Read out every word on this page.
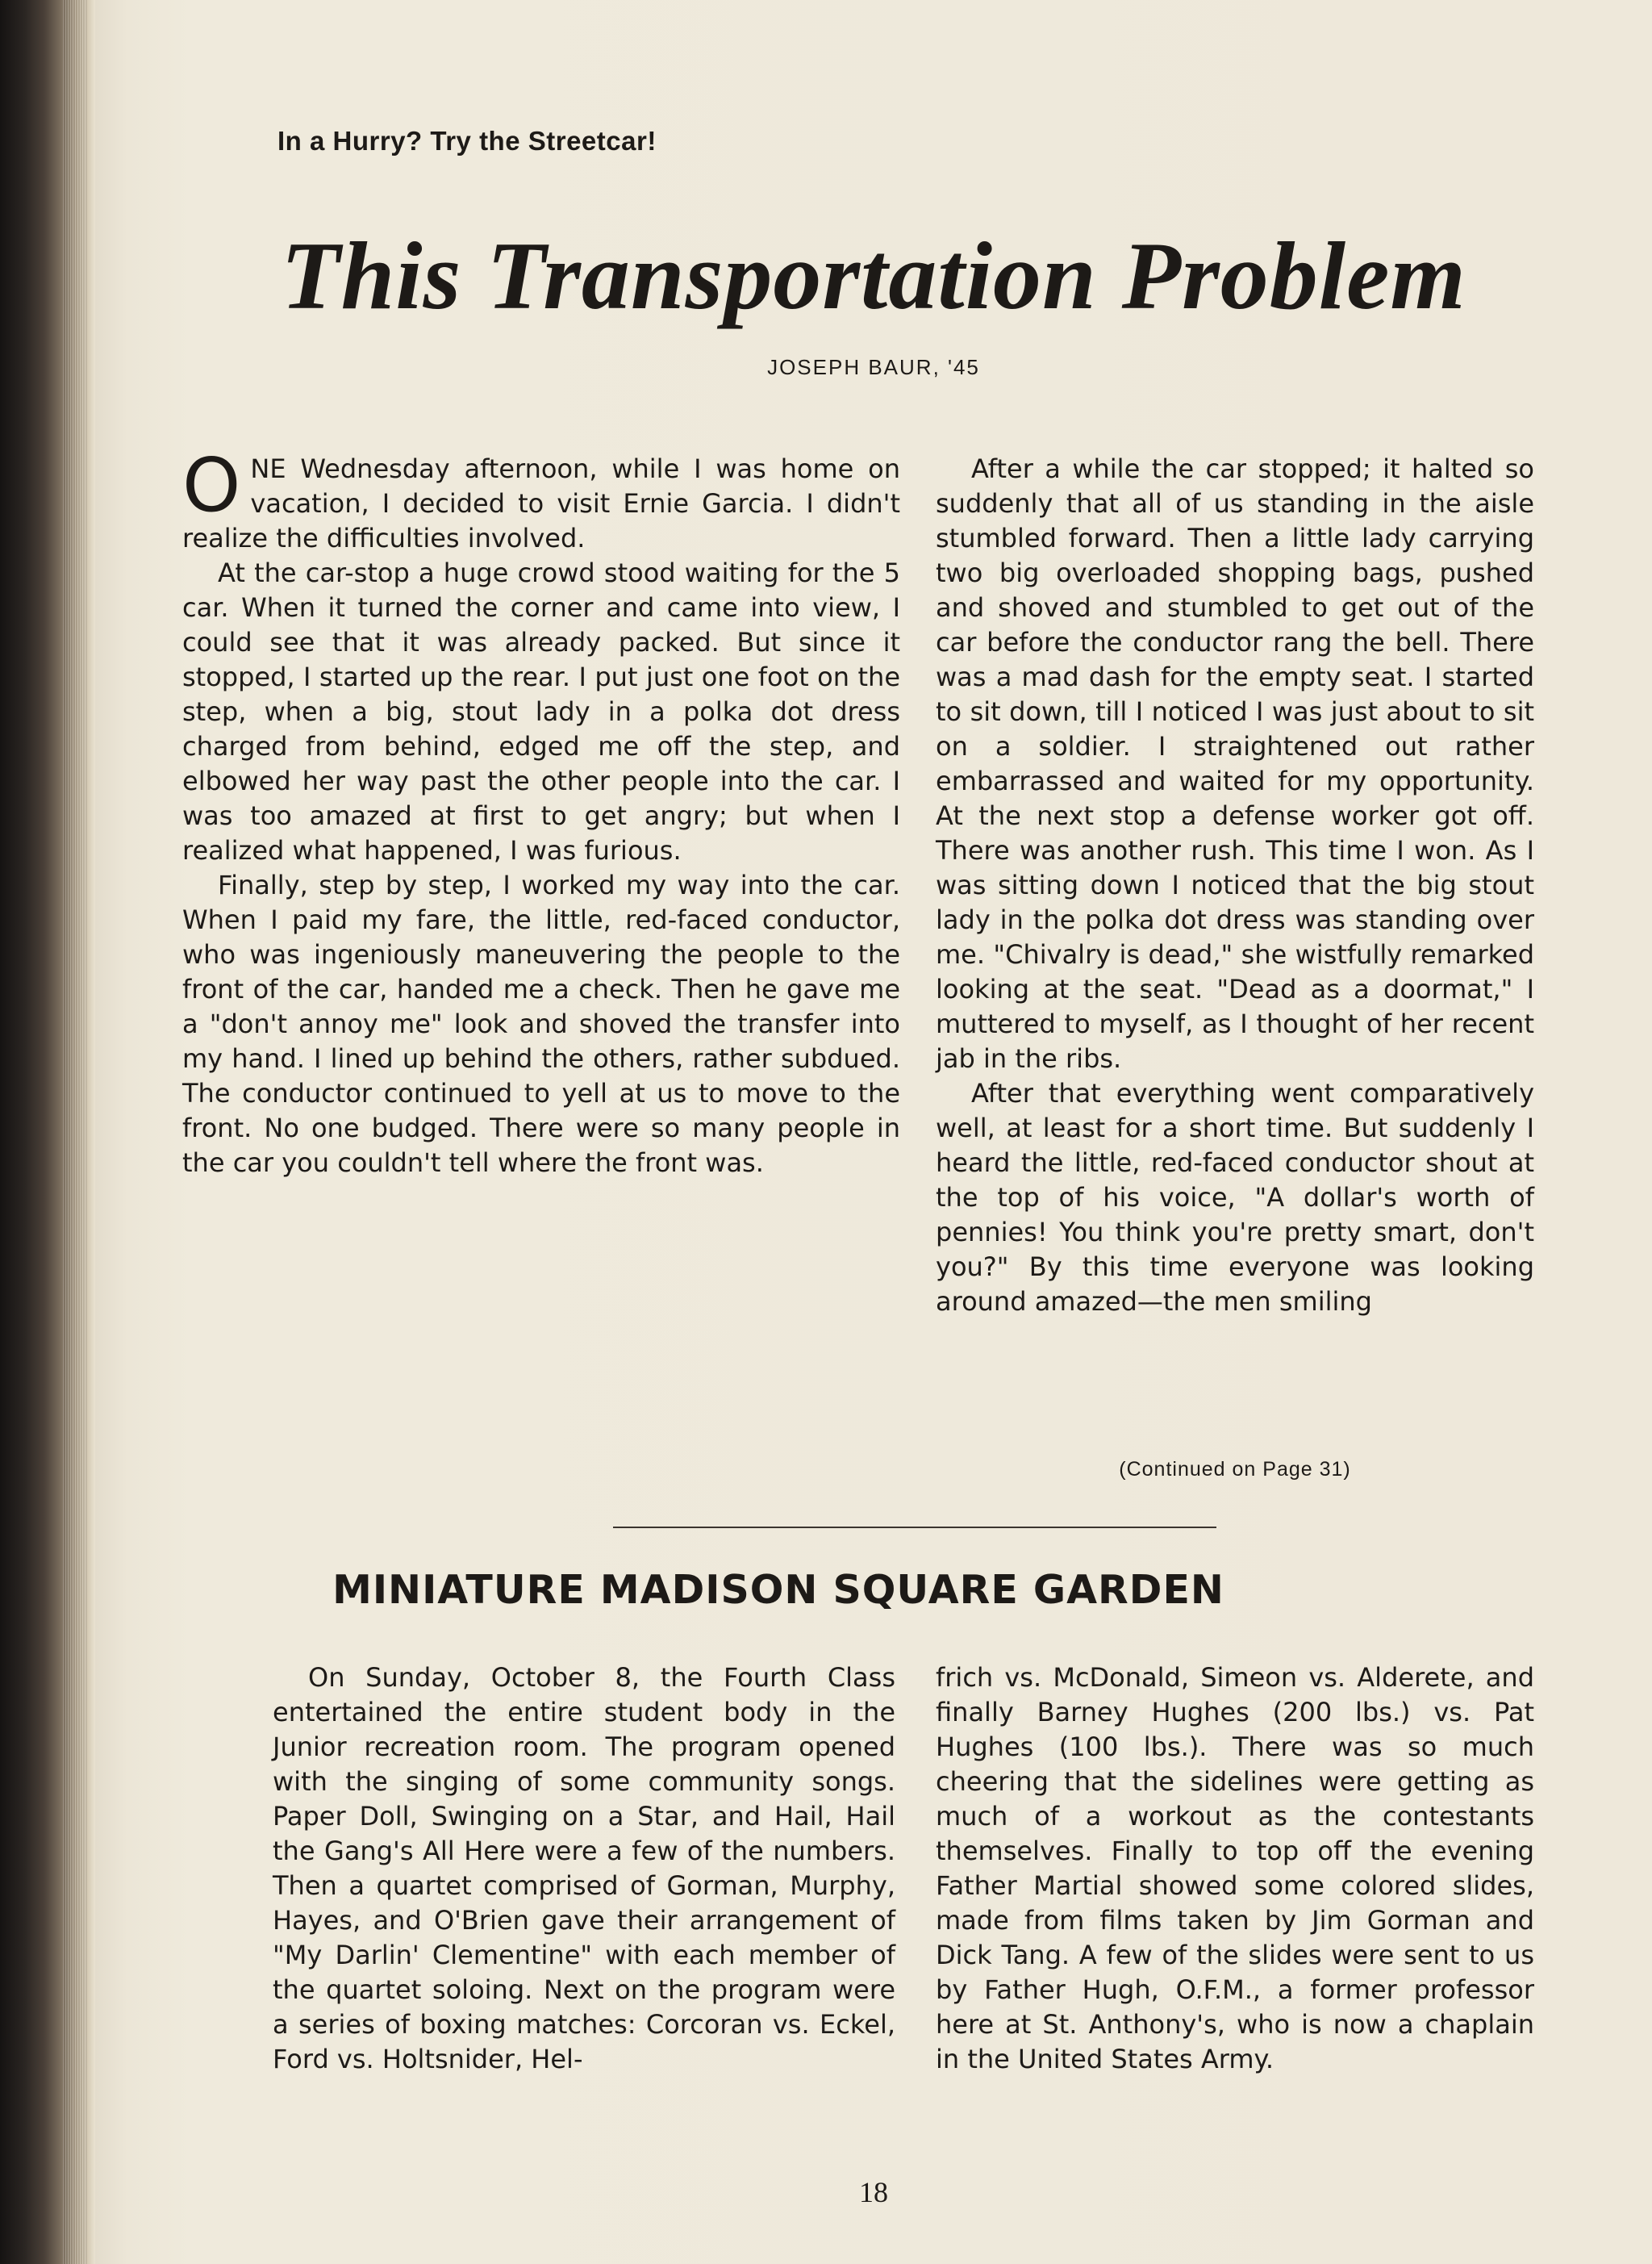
In a Hurry? Try the Streetcar!
This Transportation Problem
JOSEPH BAUR, '45

ONE Wednesday afternoon, while I was home on vacation, I decided to visit Ernie Garcia. I didn't realize the difficulties involved.

At the car-stop a huge crowd stood waiting for the 5 car. When it turned the corner and came into view, I could see that it was already packed. But since it stopped, I started up the rear. I put just one foot on the step, when a big, stout lady in a polka dot dress charged from behind, edged me off the step, and elbowed her way past the other people into the car. I was too amazed at first to get angry; but when I realized what happened, I was furious.

Finally, step by step, I worked my way into the car. When I paid my fare, the little, red-faced conductor, who was ingeniously maneuvering the people to the front of the car, handed me a check. Then he gave me a "don't annoy me" look and shoved the transfer into my hand. I lined up behind the others, rather subdued. The conductor continued to yell at us to move to the front. No one budged. There were so many people in the car you couldn't tell where the front was.

After a while the car stopped; it halted so suddenly that all of us standing in the aisle stumbled forward. Then a little lady carrying two big overloaded shopping bags, pushed and shoved and stumbled to get out of the car before the conductor rang the bell. There was a mad dash for the empty seat. I started to sit down, till I noticed I was just about to sit on a soldier. I straightened out rather embarrassed and waited for my opportunity. At the next stop a defense worker got off. There was another rush. This time I won. As I was sitting down I noticed that the big stout lady in the polka dot dress was standing over me. "Chivalry is dead," she wistfully remarked looking at the seat. "Dead as a doormat," I muttered to myself, as I thought of her recent jab in the ribs.

After that everything went comparatively well, at least for a short time. But suddenly I heard the little, red-faced conductor shout at the top of his voice, "A dollar's worth of pennies! You think you're pretty smart, don't you?" By this time everyone was looking around amazed—the men smiling

(Continued on Page 31)
MINIATURE MADISON SQUARE GARDEN

On Sunday, October 8, the Fourth Class entertained the entire student body in the Junior recreation room. The program opened with the singing of some community songs. Paper Doll, Swinging on a Star, and Hail, Hail the Gang's All Here were a few of the numbers. Then a quartet comprised of Gorman, Murphy, Hayes, and O'Brien gave their arrangement of "My Darlin' Clementine" with each member of the quartet soloing. Next on the program were a series of boxing matches: Corcoran vs. Eckel, Ford vs. Holtsnider, Hel-

frich vs. McDonald, Simeon vs. Alderete, and finally Barney Hughes (200 lbs.) vs. Pat Hughes (100 lbs.). There was so much cheering that the sidelines were getting as much of a workout as the contestants themselves. Finally to top off the evening Father Martial showed some colored slides, made from films taken by Jim Gorman and Dick Tang. A few of the slides were sent to us by Father Hugh, O.F.M., a former professor here at St. Anthony's, who is now a chaplain in the United States Army.

18
